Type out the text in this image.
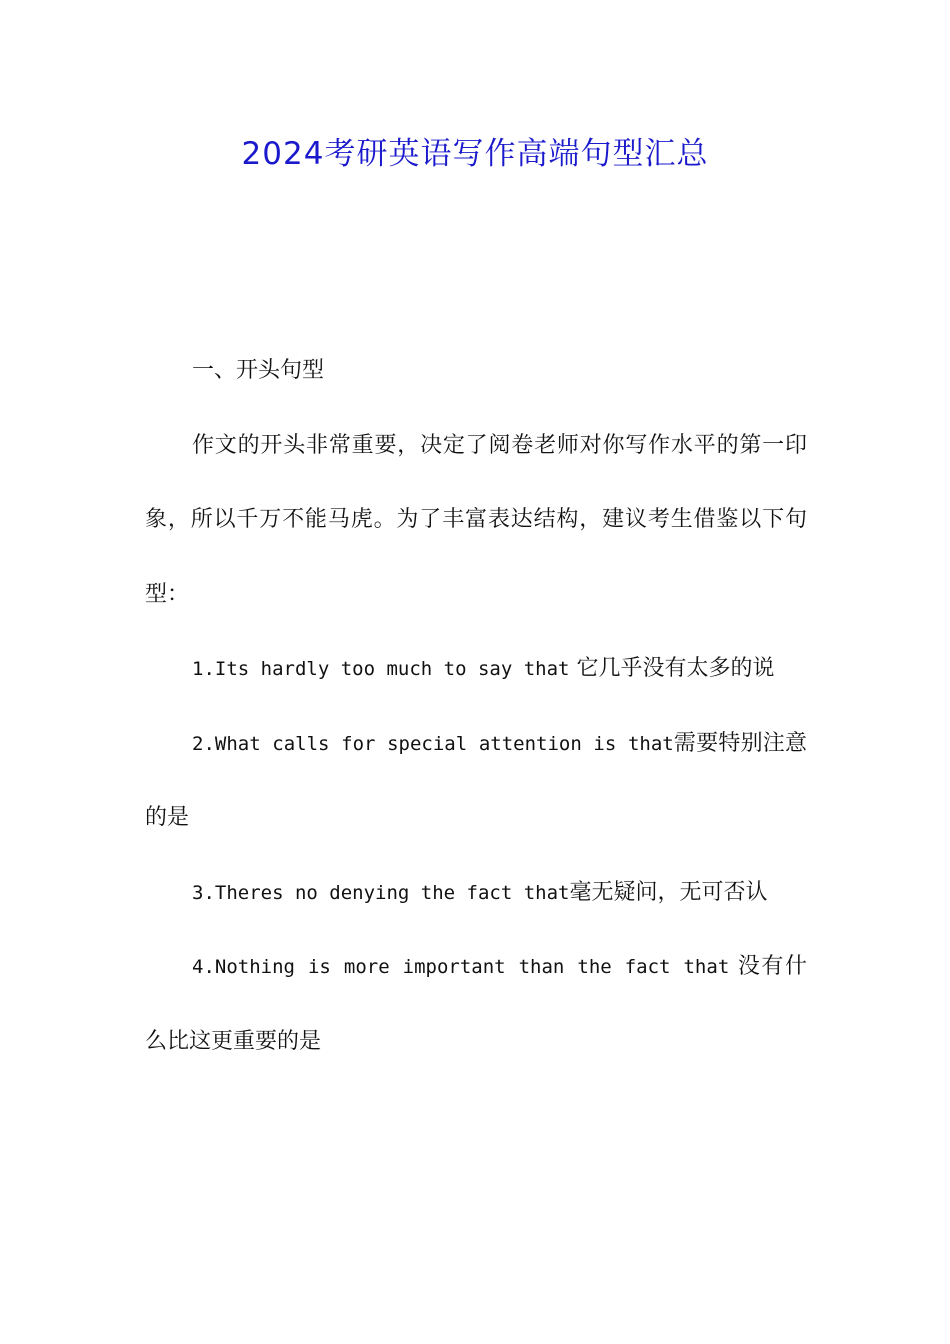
2024考研英语写作高端句型汇总

一、开头句型

作文的开头非常重要，决定了阅卷老师对你写作水平的第一印象，所以千万不能马虎。为了丰富表达结构，建议考生借鉴以下句型：

1.Its hardly too much to say that 它几乎没有太多的说

2.What calls for special attention is that需要特别注意的是

3.Theres no denying the fact that毫无疑问，无可否认

4.Nothing is more important than the fact that 没有什么比这更重要的是
